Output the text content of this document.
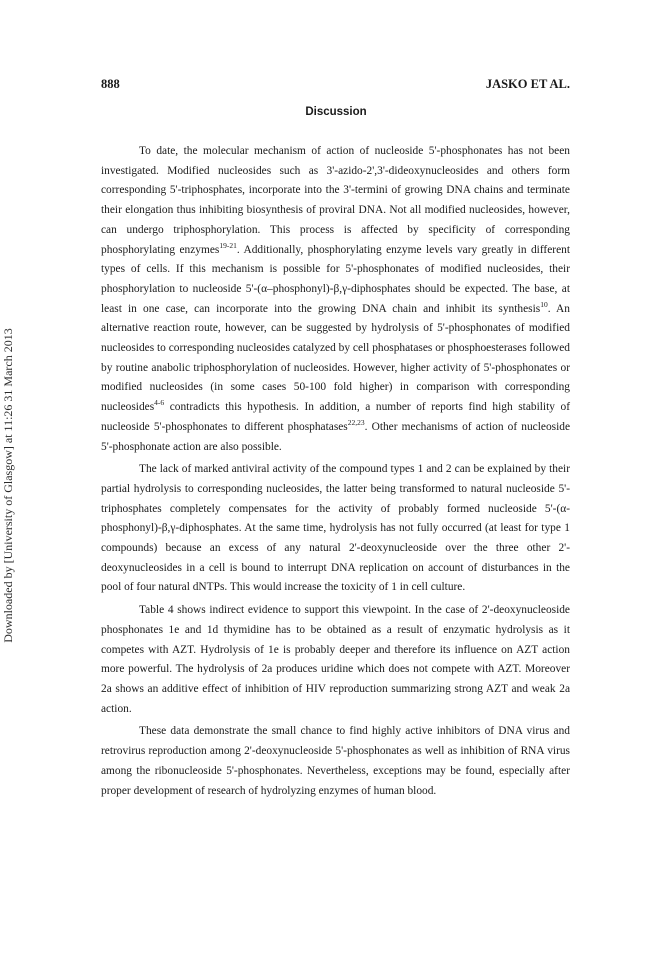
888	JASKO ET AL.
Downloaded by [University of Glasgow] at 11:26 31 March 2013
Discussion

To date, the molecular mechanism of action of nucleoside 5'-phosphonates has not been investigated. Modified nucleosides such as 3'-azido-2',3'-dideoxynucleosides and others form corresponding 5'-triphosphates, incorporate into the 3'-termini of growing DNA chains and terminate their elongation thus inhibiting biosynthesis of proviral DNA. Not all modified nucleosides, however, can undergo triphosphorylation. This process is affected by specificity of corresponding phosphorylating enzymes$^{19-21}$. Additionally, phosphorylating enzyme levels vary greatly in different types of cells. If this mechanism is possible for 5'-phosphonates of modified nucleosides, their phosphorylation to nucleoside 5'-(α–phosphonyl)-β,γ-diphosphates should be expected. The base, at least in one case, can incorporate into the growing DNA chain and inhibit its synthesis$^{10}$. An alternative reaction route, however, can be suggested by hydrolysis of 5'-phosphonates of modified nucleosides to corresponding nucleosides catalyzed by cell phosphatases or phosphoesterases followed by routine anabolic triphosphorylation of nucleosides. However, higher activity of 5'-phosphonates or modified nucleosides (in some cases 50-100 fold higher) in comparison with corresponding nucleosides$^{4-6}$ contradicts this hypothesis. In addition, a number of reports find high stability of nucleoside 5'-phosphonates to different phosphatases$^{22,23}$. Other mechanisms of action of nucleoside 5'-phosphonate action are also possible.

The lack of marked antiviral activity of the compound types 1 and 2 can be explained by their partial hydrolysis to corresponding nucleosides, the latter being transformed to natural nucleoside 5'-triphosphates completely compensates for the activity of probably formed nucleoside 5'-(α-phosphonyl)-β,γ-diphosphates. At the same time, hydrolysis has not fully occurred (at least for type 1 compounds) because an excess of any natural 2'-deoxynucleoside over the three other 2'-deoxynucleosides in a cell is bound to interrupt DNA replication on account of disturbances in the pool of four natural dNTPs. This would increase the toxicity of 1 in cell culture.

Table 4 shows indirect evidence to support this viewpoint. In the case of 2'-deoxynucleoside phosphonates 1e and 1d thymidine has to be obtained as a result of enzymatic hydrolysis as it competes with AZT. Hydrolysis of 1e is probably deeper and therefore its influence on AZT action more powerful. The hydrolysis of 2a produces uridine which does not compete with AZT. Moreover 2a shows an additive effect of inhibition of HIV reproduction summarizing strong AZT and weak 2a action.

These data demonstrate the small chance to find highly active inhibitors of DNA virus and retrovirus reproduction among 2'-deoxynucleoside 5'-phosphonates as well as inhibition of RNA virus among the ribonucleoside 5'-phosphonates. Nevertheless, exceptions may be found, especially after proper development of research of hydrolyzing enzymes of human blood.
